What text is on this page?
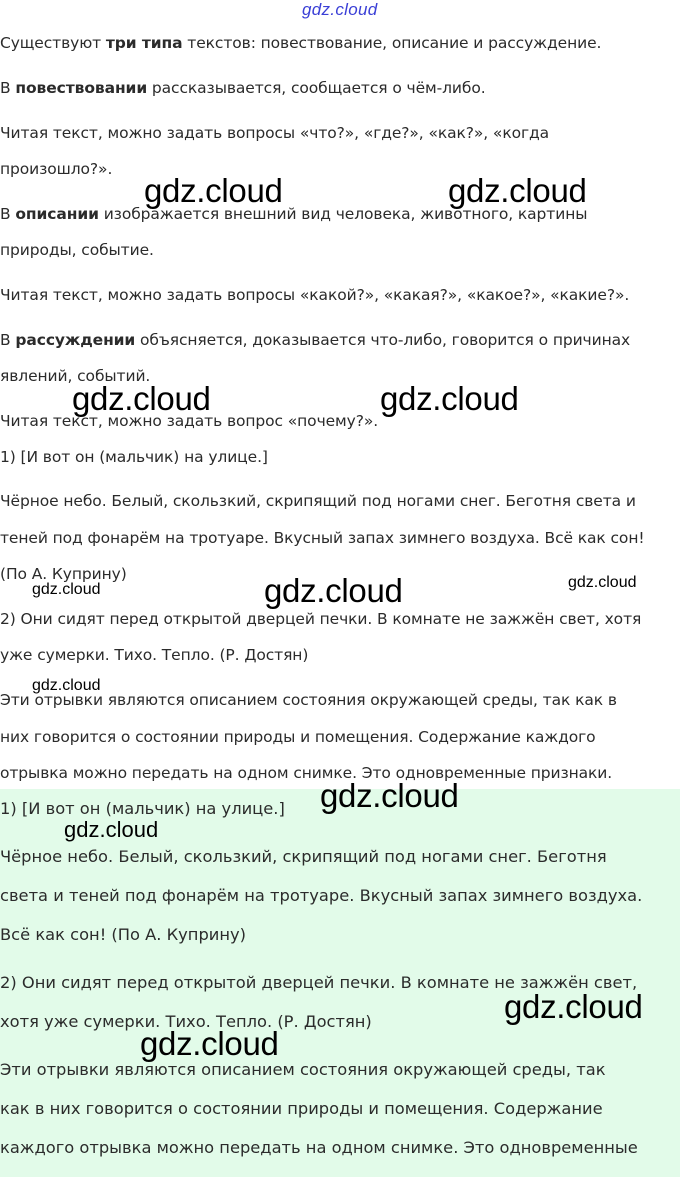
gdz.cloud
Существуют три типа текстов: повествование, описание и рассуждение.
В повествовании рассказывается, сообщается о чём-либо.
Читая текст, можно задать вопросы «что?», «где?», «как?», «когда
произошло?».
В описании изображается внешний вид человека, животного, картины
природы, событие.
Читая текст, можно задать вопросы «какой?», «какая?», «какое?», «какие?».
В рассуждении объясняется, доказывается что-либо, говорится о причинах
явлений, событий.
Читая текст, можно задать вопрос «почему?».
1) [И вот он (мальчик) на улице.]
Чёрное небо. Белый, скользкий, скрипящий под ногами снег. Беготня света и
теней под фонарём на тротуаре. Вкусный запах зимнего воздуха. Всё как сон!
(По А. Куприну)
2) Они сидят перед открытой дверцей печки. В комнате не зажжён свет, хотя
уже сумерки. Тихо. Тепло. (Р. Достян)
Эти отрывки являются описанием состояния окружающей среды, так как в
них говорится о состоянии природы и помещения. Содержание каждого
отрывка можно передать на одном снимке. Это одновременные признаки.
1) [И вот он (мальчик) на улице.]
Чёрное небо. Белый, скользкий, скрипящий под ногами снег. Беготня
света и теней под фонарём на тротуаре. Вкусный запах зимнего воздуха.
Всё как сон! (По А. Куприну)
2) Они сидят перед открытой дверцей печки. В комнате не зажжён свет,
хотя уже сумерки. Тихо. Тепло. (Р. Достян)
Эти отрывки являются описанием состояния окружающей среды, так
как в них говорится о состоянии природы и помещения. Содержание
каждого отрывка можно передать на одном снимке. Это одновременные
gdz.cloud	gdz.cloud
gdz.cloud	gdz.cloud
gdz.cloud
gdz.cloud	gdz.cloud
gdz.cloud
gdz.cloud
gdz.cloud
gdz.cloud
gdz.cloud
